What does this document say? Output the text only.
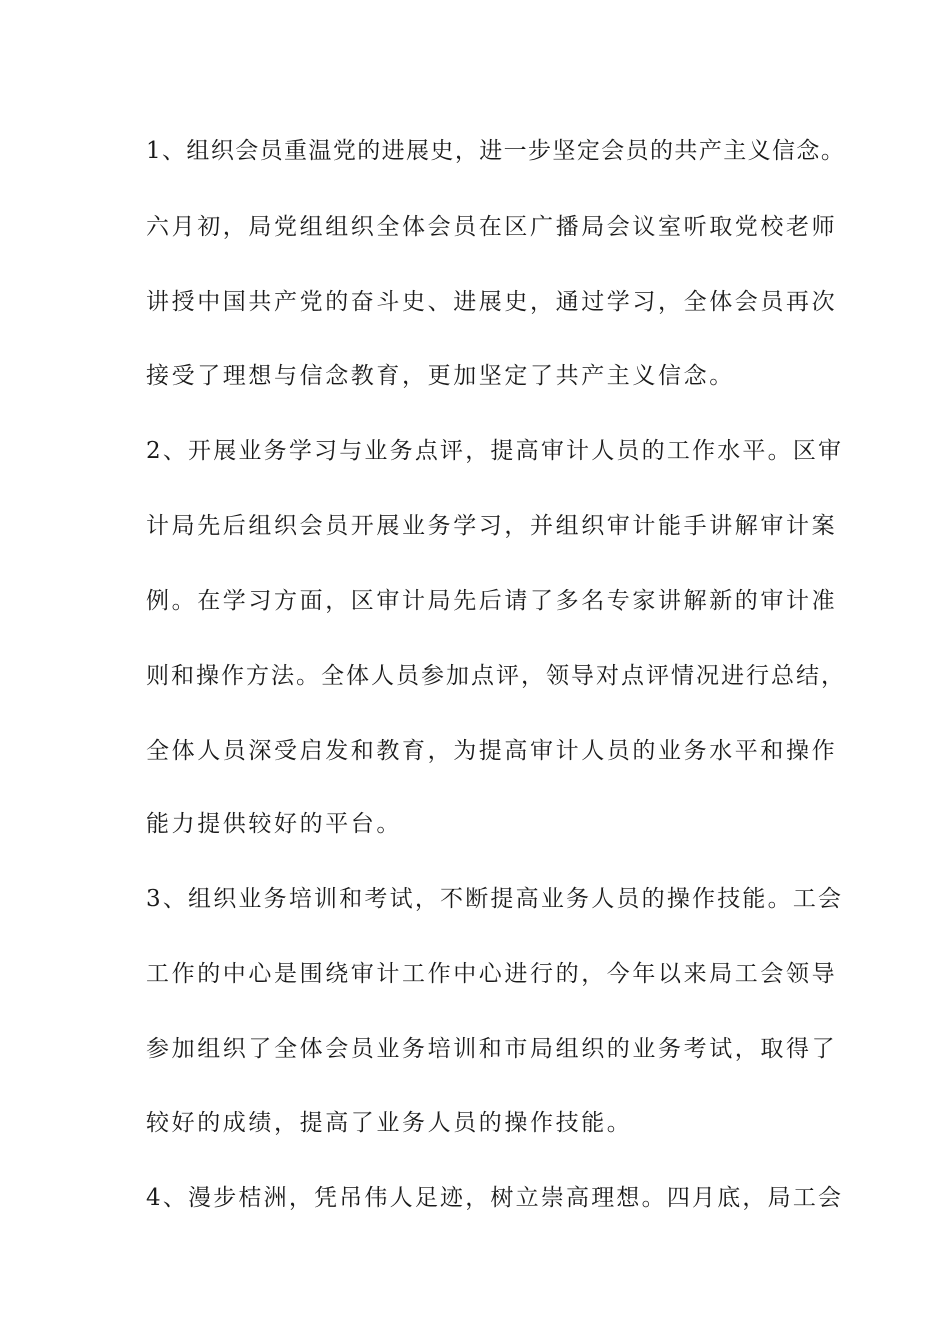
1、组织会员重温党的进展史，进一步坚定会员的共产主义信念。
六月初，局党组组织全体会员在区广播局会议室听取党校老师
讲授中国共产党的奋斗史、进展史，通过学习，全体会员再次
接受了理想与信念教育，更加坚定了共产主义信念。
2、开展业务学习与业务点评，提高审计人员的工作水平。区审
计局先后组织会员开展业务学习，并组织审计能手讲解审计案
例。在学习方面，区审计局先后请了多名专家讲解新的审计准
则和操作方法。全体人员参加点评，领导对点评情况进行总结，
全体人员深受启发和教育，为提高审计人员的业务水平和操作
能力提供较好的平台。
3、组织业务培训和考试，不断提高业务人员的操作技能。工会
工作的中心是围绕审计工作中心进行的，今年以来局工会领导
参加组织了全体会员业务培训和市局组织的业务考试，取得了
较好的成绩，提高了业务人员的操作技能。
4、漫步桔洲，凭吊伟人足迹，树立崇高理想。四月底，局工会
